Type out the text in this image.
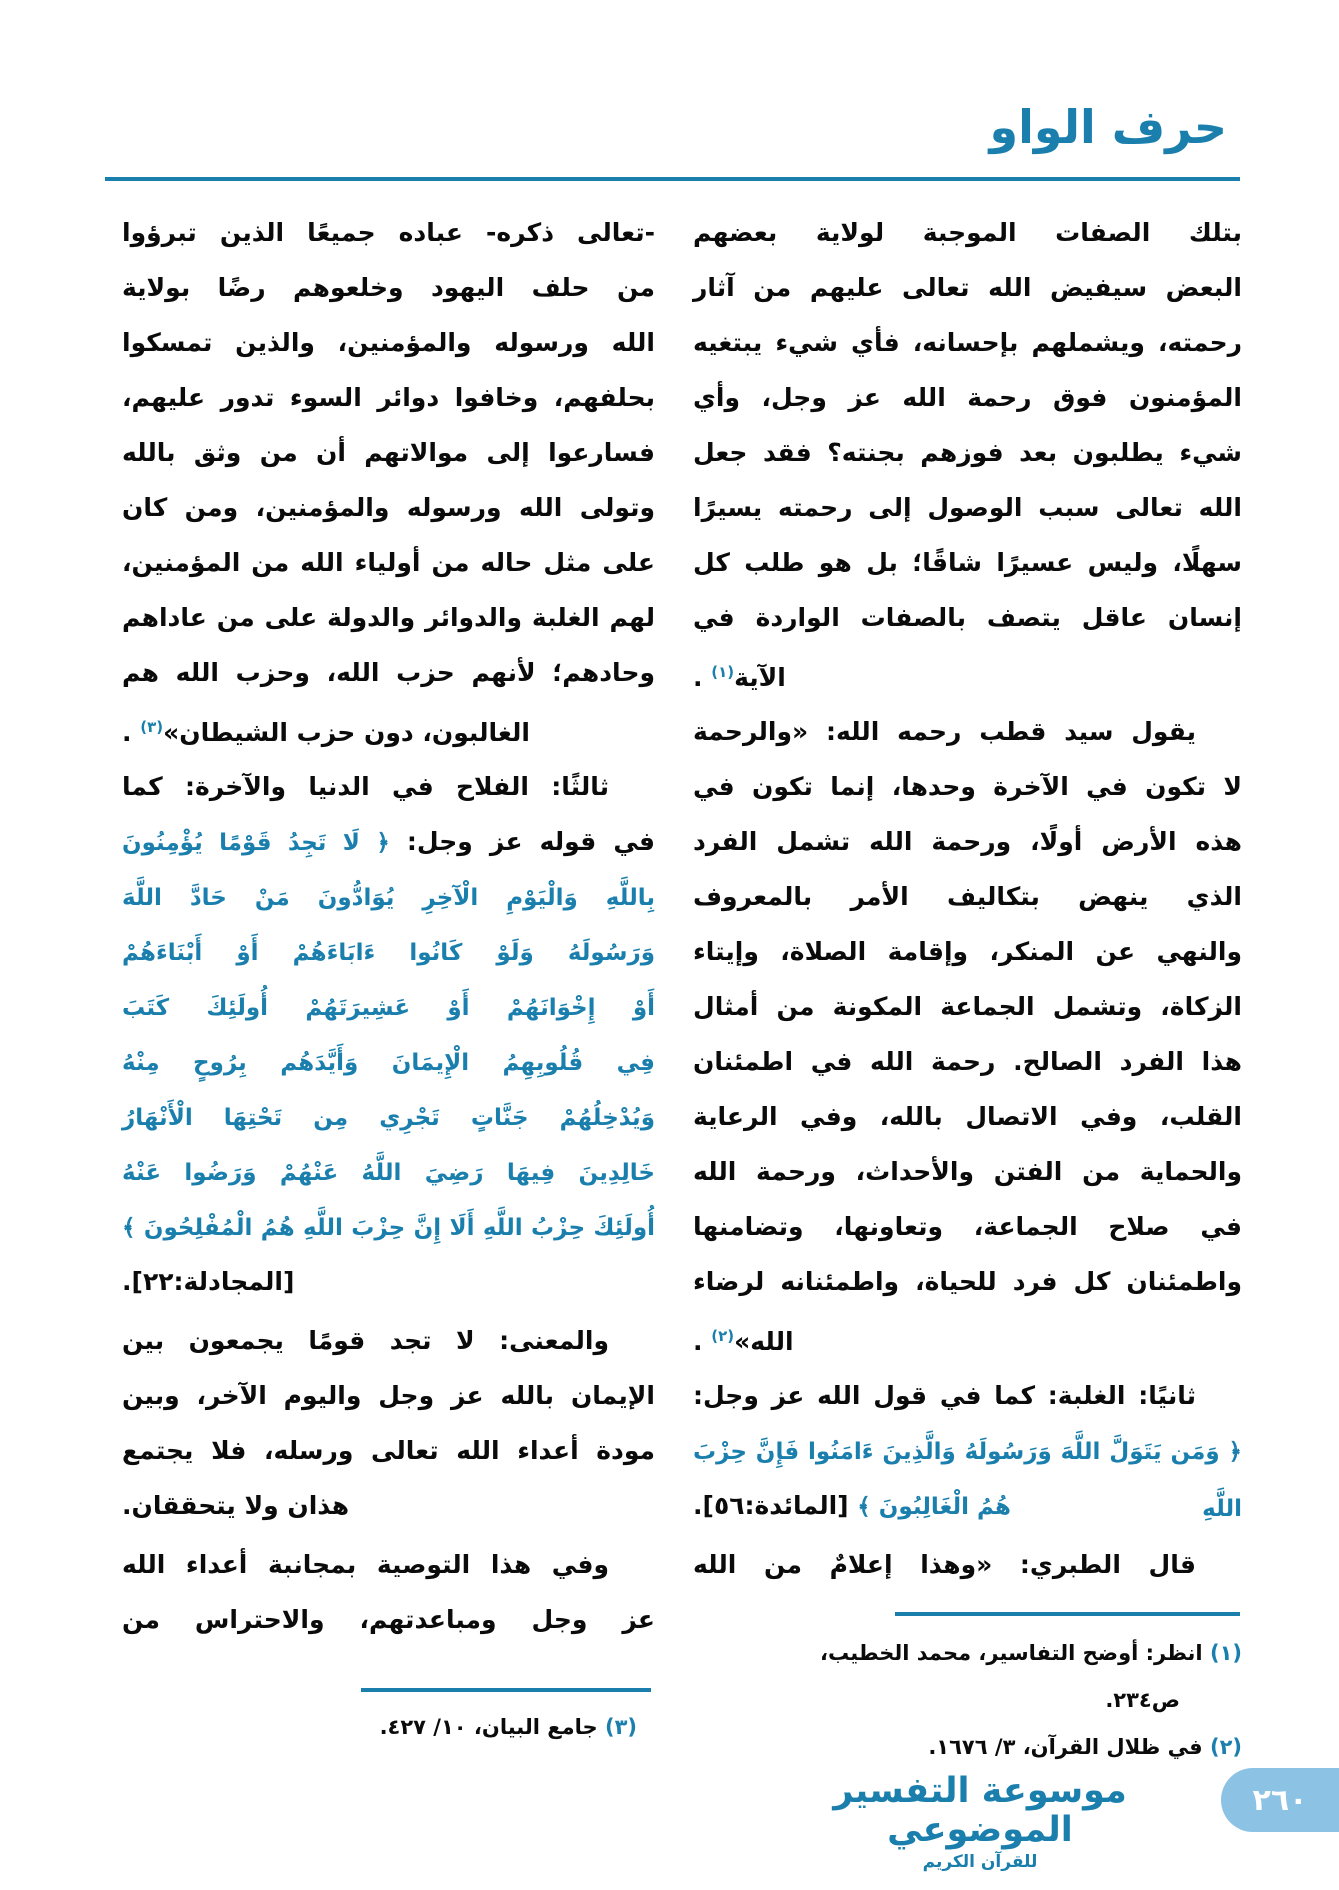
حرف الواو
بتلك الصفات الموجبة لولاية بعضهم
البعض سيفيض الله تعالى عليهم من آثار
رحمته، ويشملهم بإحسانه، فأي شيء يبتغيه
المؤمنون فوق رحمة الله عز وجل، وأي
شيء يطلبون بعد فوزهم بجنته؟ فقد جعل
الله تعالى سبب الوصول إلى رحمته يسيرًا
سهلًا، وليس عسيرًا شاقًا؛ بل هو طلب كل
إنسان عاقل يتصف بالصفات الواردة في
الآية$^{(١)}$ .
يقول سيد قطب رحمه الله: «والرحمة
لا تكون في الآخرة وحدها، إنما تكون في
هذه الأرض أولًا، ورحمة الله تشمل الفرد
الذي ينهض بتكاليف الأمر بالمعروف
والنهي عن المنكر، وإقامة الصلاة، وإيتاء
الزكاة، وتشمل الجماعة المكونة من أمثال
هذا الفرد الصالح. رحمة الله في اطمئنان
القلب، وفي الاتصال بالله، وفي الرعاية
والحماية من الفتن والأحداث، ورحمة الله
في صلاح الجماعة، وتعاونها، وتضامنها
واطمئنان كل فرد للحياة، واطمئنانه لرضاء
الله»$^{(٢)}$ .
ثانيًا: الغلبة: كما في قول الله عز وجل:
﴿ وَمَن يَتَوَلَّ اللَّهَ وَرَسُولَهُ وَالَّذِينَ ءَامَنُوا فَإِنَّ حِزْبَ اللَّهِ
هُمُ الْغَالِبُونَ ﴾ [المائدة:٥٦].
قال الطبري: «وهذا إعلامٌ من الله
-تعالى ذكره- عباده جميعًا الذين تبرؤوا
من حلف اليهود وخلعوهم رضًا بولاية
الله ورسوله والمؤمنين، والذين تمسكوا
بحلفهم، وخافوا دوائر السوء تدور عليهم،
فسارعوا إلى موالاتهم أن من وثق بالله
وتولى الله ورسوله والمؤمنين، ومن كان
على مثل حاله من أولياء الله من المؤمنين،
لهم الغلبة والدوائر والدولة على من عاداهم
وحادهم؛ لأنهم حزب الله، وحزب الله هم
الغالبون، دون حزب الشيطان»$^{(٣)}$ .
ثالثًا: الفلاح في الدنيا والآخرة: كما
في قوله عز وجل: ﴿ لَا تَجِدُ قَوْمًا يُؤْمِنُونَ
بِاللَّهِ وَالْيَوْمِ الْآخِرِ يُوَادُّونَ مَنْ حَادَّ اللَّهَ
وَرَسُولَهُ وَلَوْ كَانُوا ءَابَاءَهُمْ أَوْ أَبْنَاءَهُمْ
أَوْ إِخْوَانَهُمْ أَوْ عَشِيرَتَهُمْ أُولَئِكَ كَتَبَ
فِي قُلُوبِهِمُ الْإِيمَانَ وَأَيَّدَهُم بِرُوحٍ مِنْهُ
وَيُدْخِلُهُمْ جَنَّاتٍ تَجْرِي مِن تَحْتِهَا الْأَنْهَارُ
خَالِدِينَ فِيهَا رَضِيَ اللَّهُ عَنْهُمْ وَرَضُوا عَنْهُ
أُولَئِكَ حِزْبُ اللَّهِ أَلَا إِنَّ حِزْبَ اللَّهِ هُمُ الْمُفْلِحُونَ ﴾
[المجادلة:٢٢].
والمعنى: لا تجد قومًا يجمعون بين
الإيمان بالله عز وجل واليوم الآخر، وبين
مودة أعداء الله تعالى ورسله، فلا يجتمع
هذان ولا يتحققان.
وفي هذا التوصية بمجانبة أعداء الله
عز وجل ومباعدتهم، والاحتراس من
(١) انظر: أوضح التفاسير، محمد الخطيب،
ص٢٣٤.
(٢) في ظلال القرآن، ٣/ ١٦٧٦.
(٣) جامع البيان، ١٠/ ٤٢٧.
موسوعة التفسير الموضوعي
للقرآن الكريم
٢٦٠
